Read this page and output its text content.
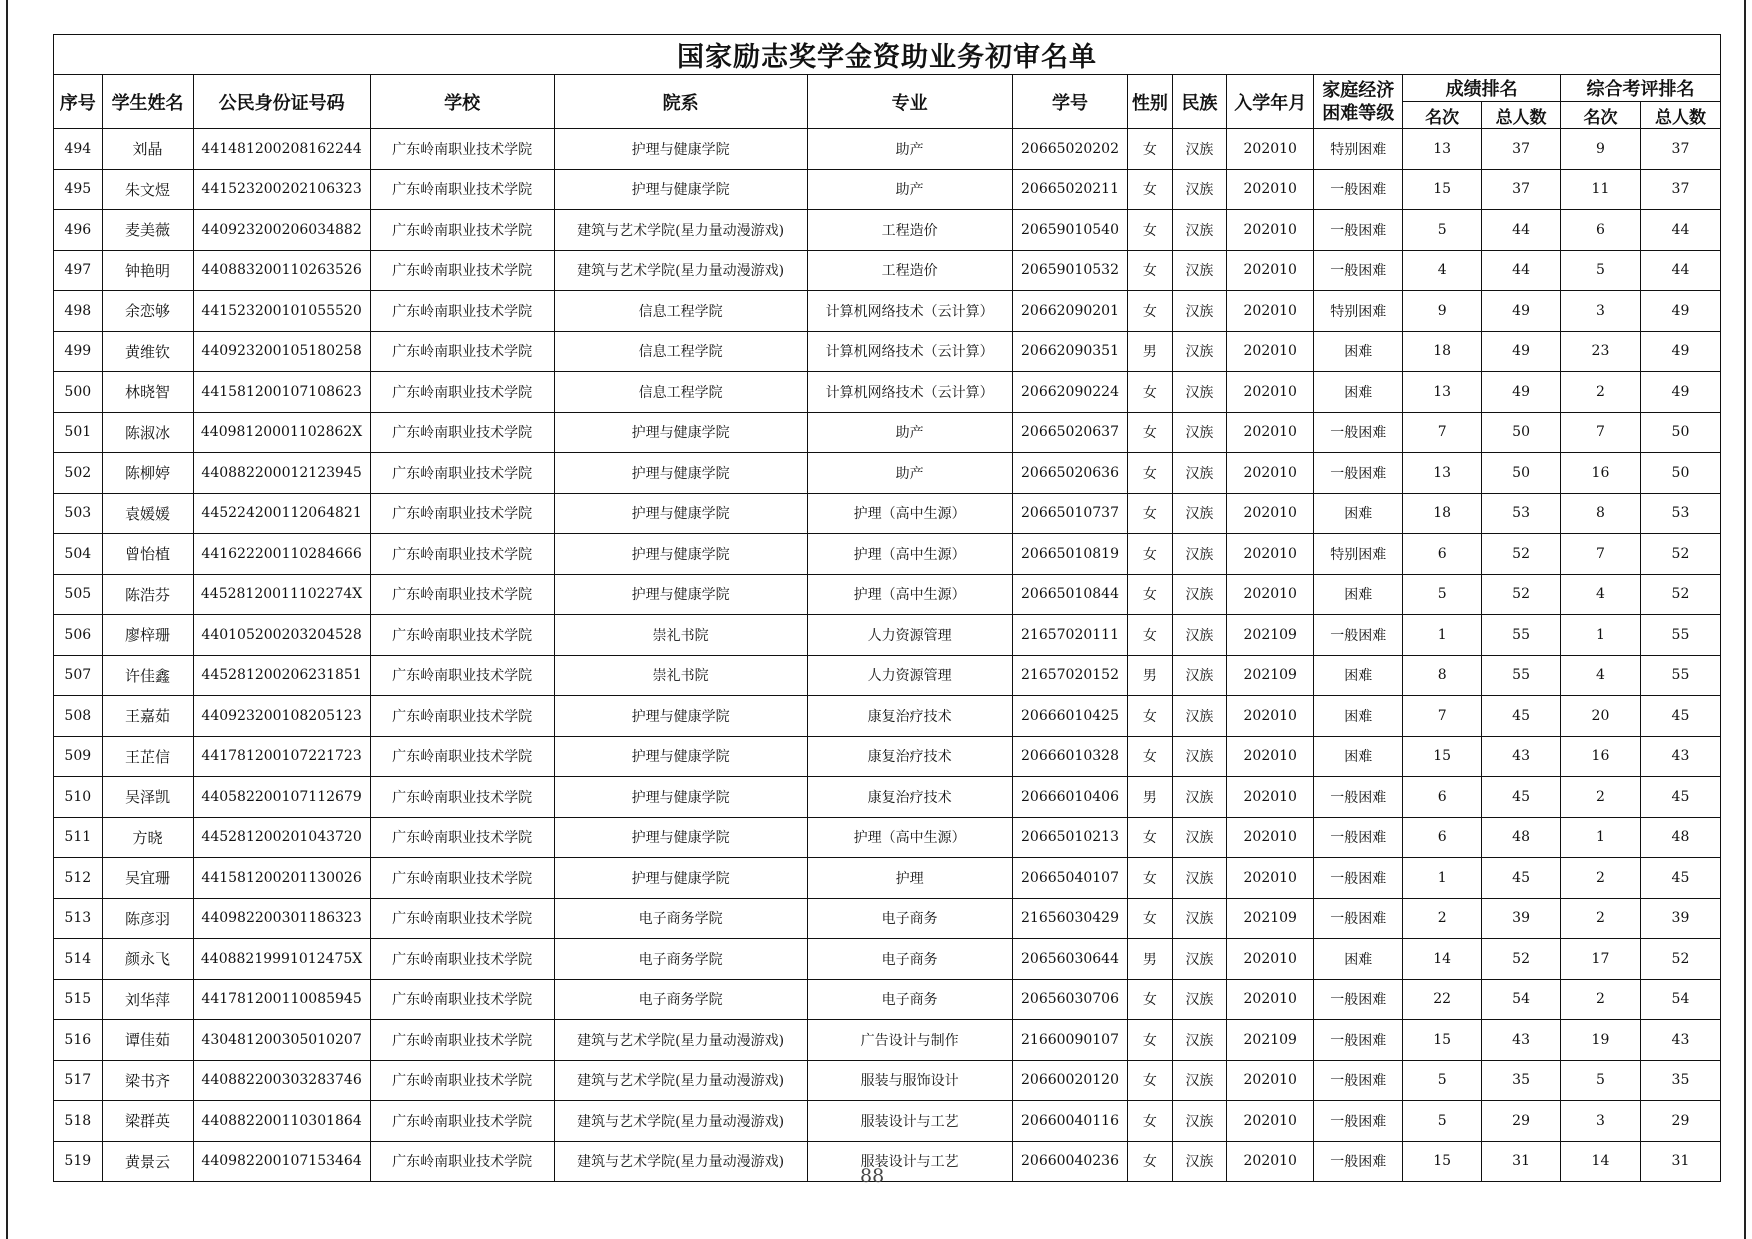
国家励志奖学金资助业务初审名单														
序号	学生姓名	公民身份证号码	学校	院系	专业	学号	性别	民族	入学年月	家庭经济困难等级	成绩排名		综合考评排名	
											名次	总人数	名次	总人数
494	刘晶	441481200208162244	广东岭南职业技术学院	护理与健康学院	助产	20665020202	女	汉族	202010	特别困难	13	37	9	37
495	朱文煜	441523200202106323	广东岭南职业技术学院	护理与健康学院	助产	20665020211	女	汉族	202010	一般困难	15	37	11	37
496	麦美薇	440923200206034882	广东岭南职业技术学院	建筑与艺术学院(星力量动漫游戏)	工程造价	20659010540	女	汉族	202010	一般困难	5	44	6	44
497	钟艳明	440883200110263526	广东岭南职业技术学院	建筑与艺术学院(星力量动漫游戏)	工程造价	20659010532	女	汉族	202010	一般困难	4	44	5	44
498	余恋够	441523200101055520	广东岭南职业技术学院	信息工程学院	计算机网络技术（云计算）	20662090201	女	汉族	202010	特别困难	9	49	3	49
499	黄维钦	440923200105180258	广东岭南职业技术学院	信息工程学院	计算机网络技术（云计算）	20662090351	男	汉族	202010	困难	18	49	23	49
500	林晓智	441581200107108623	广东岭南职业技术学院	信息工程学院	计算机网络技术（云计算）	20662090224	女	汉族	202010	困难	13	49	2	49
501	陈淑冰	44098120001102862X	广东岭南职业技术学院	护理与健康学院	助产	20665020637	女	汉族	202010	一般困难	7	50	7	50
502	陈柳婷	440882200012123945	广东岭南职业技术学院	护理与健康学院	助产	20665020636	女	汉族	202010	一般困难	13	50	16	50
503	袁媛媛	445224200112064821	广东岭南职业技术学院	护理与健康学院	护理（高中生源）	20665010737	女	汉族	202010	困难	18	53	8	53
504	曾怡植	441622200110284666	广东岭南职业技术学院	护理与健康学院	护理（高中生源）	20665010819	女	汉族	202010	特别困难	6	52	7	52
505	陈浩芬	44528120011102274X	广东岭南职业技术学院	护理与健康学院	护理（高中生源）	20665010844	女	汉族	202010	困难	5	52	4	52
506	廖梓珊	440105200203204528	广东岭南职业技术学院	崇礼书院	人力资源管理	21657020111	女	汉族	202109	一般困难	1	55	1	55
507	许佳鑫	445281200206231851	广东岭南职业技术学院	崇礼书院	人力资源管理	21657020152	男	汉族	202109	困难	8	55	4	55
508	王嘉茹	440923200108205123	广东岭南职业技术学院	护理与健康学院	康复治疗技术	20666010425	女	汉族	202010	困难	7	45	20	45
509	王芷信	441781200107221723	广东岭南职业技术学院	护理与健康学院	康复治疗技术	20666010328	女	汉族	202010	困难	15	43	16	43
510	吴泽凯	440582200107112679	广东岭南职业技术学院	护理与健康学院	康复治疗技术	20666010406	男	汉族	202010	一般困难	6	45	2	45
511	方晓	445281200201043720	广东岭南职业技术学院	护理与健康学院	护理（高中生源）	20665010213	女	汉族	202010	一般困难	6	48	1	48
512	吴宜珊	441581200201130026	广东岭南职业技术学院	护理与健康学院	护理	20665040107	女	汉族	202010	一般困难	1	45	2	45
513	陈彦羽	440982200301186323	广东岭南职业技术学院	电子商务学院	电子商务	21656030429	女	汉族	202109	一般困难	2	39	2	39
514	颜永飞	44088219991012475X	广东岭南职业技术学院	电子商务学院	电子商务	20656030644	男	汉族	202010	困难	14	52	17	52
515	刘华萍	441781200110085945	广东岭南职业技术学院	电子商务学院	电子商务	20656030706	女	汉族	202010	一般困难	22	54	2	54
516	谭佳茹	430481200305010207	广东岭南职业技术学院	建筑与艺术学院(星力量动漫游戏)	广告设计与制作	21660090107	女	汉族	202109	一般困难	15	43	19	43
517	梁书齐	440882200303283746	广东岭南职业技术学院	建筑与艺术学院(星力量动漫游戏)	服装与服饰设计	20660020120	女	汉族	202010	一般困难	5	35	5	35
518	梁群英	440882200110301864	广东岭南职业技术学院	建筑与艺术学院(星力量动漫游戏)	服装设计与工艺	20660040116	女	汉族	202010	一般困难	5	29	3	29
519	黄景云	440982200107153464	广东岭南职业技术学院	建筑与艺术学院(星力量动漫游戏)	服装设计与工艺	20660040236	女	汉族	202010	一般困难	15	31	14	31
88
